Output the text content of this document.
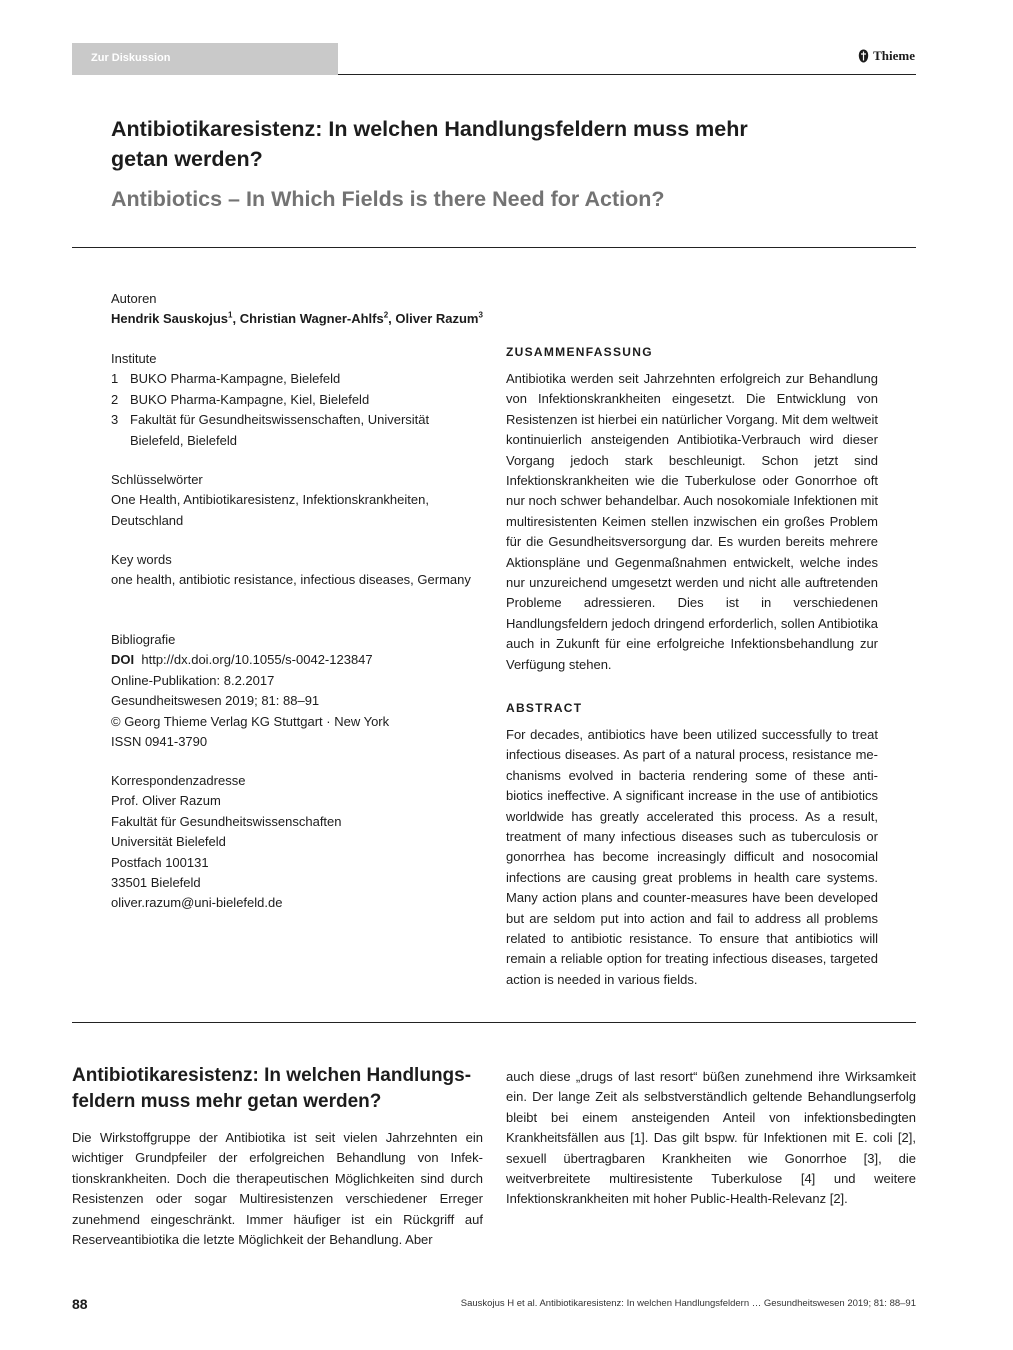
Zur Diskussion	Thieme
Antibiotikaresistenz: In welchen Handlungsfeldern muss mehr getan werden?
Antibiotics – In Which Fields is there Need for Action?
Autoren
Hendrik Sauskojus$^1$, Christian Wagner-Ahlfs$^2$, Oliver Razum$^3$
Institute
1 BUKO Pharma-Kampagne, Bielefeld
2 BUKO Pharma-Kampagne, Kiel, Bielefeld
3 Fakultät für Gesundheitswissenschaften, Universität Bielefeld, Bielefeld
Schlüsselwörter
One Health, Antibiotikaresistenz, Infektionskrankheiten, Deutschland
Key words
one health, antibiotic resistance, infectious diseases, Germany
Bibliografie
DOI http://dx.doi.org/10.1055/s-0042-123847
Online-Publikation: 8.2.2017
Gesundheitswesen 2019; 81: 88–91
© Georg Thieme Verlag KG Stuttgart · New York
ISSN 0941-3790
Korrespondenzadresse
Prof. Oliver Razum
Fakultät für Gesundheitswissenschaften
Universität Bielefeld
Postfach 100131
33501 Bielefeld
oliver.razum@uni-bielefeld.de
ZUSAMMENFASSUNG

Antibiotika werden seit Jahrzehnten erfolgreich zur Behandlung von Infektionskrankheiten eingesetzt. Die Entwicklung von Resistenzen ist hierbei ein natürlicher Vorgang. Mit dem weltweit kontinuierlich ansteigenden Antibiotika-Verbrauch wird dieser Vorgang jedoch stark beschleunigt. Schon jetzt sind Infektionskrankheiten wie die Tuberkulose oder Gonorrhoe oft nur noch schwer behandelbar. Auch nosokomiale Infektionen mit multiresistenten Keimen stellen inzwischen ein großes Problem für die Gesundheitsversorgung dar. Es wurden bereits mehrere Aktionspläne und Gegenmaßnahmen entwickelt, welche indes nur unzureichend umgesetzt werden und nicht alle auftretenden Probleme adressieren. Dies ist in verschiedenen Handlungsfeldern jedoch dringend erforderlich, sollen Antibiotika auch in Zukunft für eine erfolgreiche Infektionsbehandlung zur Verfügung stehen.

ABSTRACT

For decades, antibiotics have been utilized successfully to treat infectious diseases. As part of a natural process, resistance mechanisms evolved in bacteria rendering some of these antibiotics ineffective. A significant increase in the use of antibiotics worldwide has greatly accelerated this process. As a result, treatment of many infectious diseases such as tuberculosis or gonorrhea has become increasingly difficult and nosocomial infections are causing great problems in health care systems. Many action plans and counter-measures have been developed but are seldom put into action and fail to address all problems related to antibiotic resistance. To ensure that antibiotics will remain a reliable option for treating infectious diseases, targeted action is needed in various fields.

Antibiotikaresistenz: In welchen Handlungsfeldern muss mehr getan werden?

Die Wirkstoffgruppe der Antibiotika ist seit vielen Jahrzehnten ein wichtiger Grundpfeiler der erfolgreichen Behandlung von Infektionskrankheiten. Doch die therapeutischen Möglichkeiten sind durch Resistenzen oder sogar Multiresistenzen verschiedener Erreger zunehmend eingeschränkt. Immer häufiger ist ein Rückgriff auf Reserveantibiotika die letzte Möglichkeit der Behandlung. Aber

auch diese „drugs of last resort“ büßen zunehmend ihre Wirksamkeit ein. Der lange Zeit als selbstverständlich geltende Behandlungserfolg bleibt bei einem ansteigenden Anteil von infektionsbedingten Krankheitsfällen aus [1]. Das gilt bspw. für Infektionen mit E. coli [2], sexuell übertragbaren Krankheiten wie Gonorrhoe [3], die weitverbreitete multiresistente Tuberkulose [4] und weitere Infektionskrankheiten mit hoher Public-Health-Relevanz [2].

88	Sauskojus H et al. Antibiotikaresistenz: In welchen Handlungsfeldern … Gesundheitswesen 2019; 81: 88–91
